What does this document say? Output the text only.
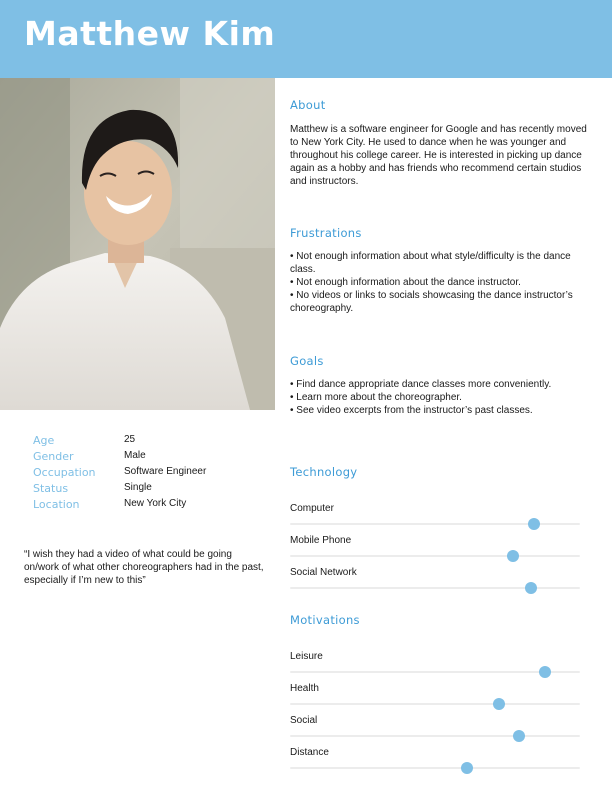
Matthew Kim
About

Matthew is a software engineer for Google and has recently moved to New York City. He used to dance when he was younger and throughout his college career. He is interested in picking up dance again as a hobby and has friends who recommend certain studios and instructors.

Frustrations
• Not enough information about what style/difficulty is the dance class.
• Not enough information about the dance instructor.
• No videos or links to socials showcasing the dance instructor’s choreography.
Goals
• Find dance appropriate dance classes more conveniently.
• Learn more about the choreographer.
• See video excerpts from the instructor’s past classes.
Age	25
Gender	Male
Occupation	Software Engineer
Status	Single
Location	New York City

“I wish they had a video of what could be going on/work of what other choreographers had in the past, especially if I’m new to this”

Technology
Computer
Mobile Phone
Social Network
Motivations
Leisure
Health
Social
Distance
